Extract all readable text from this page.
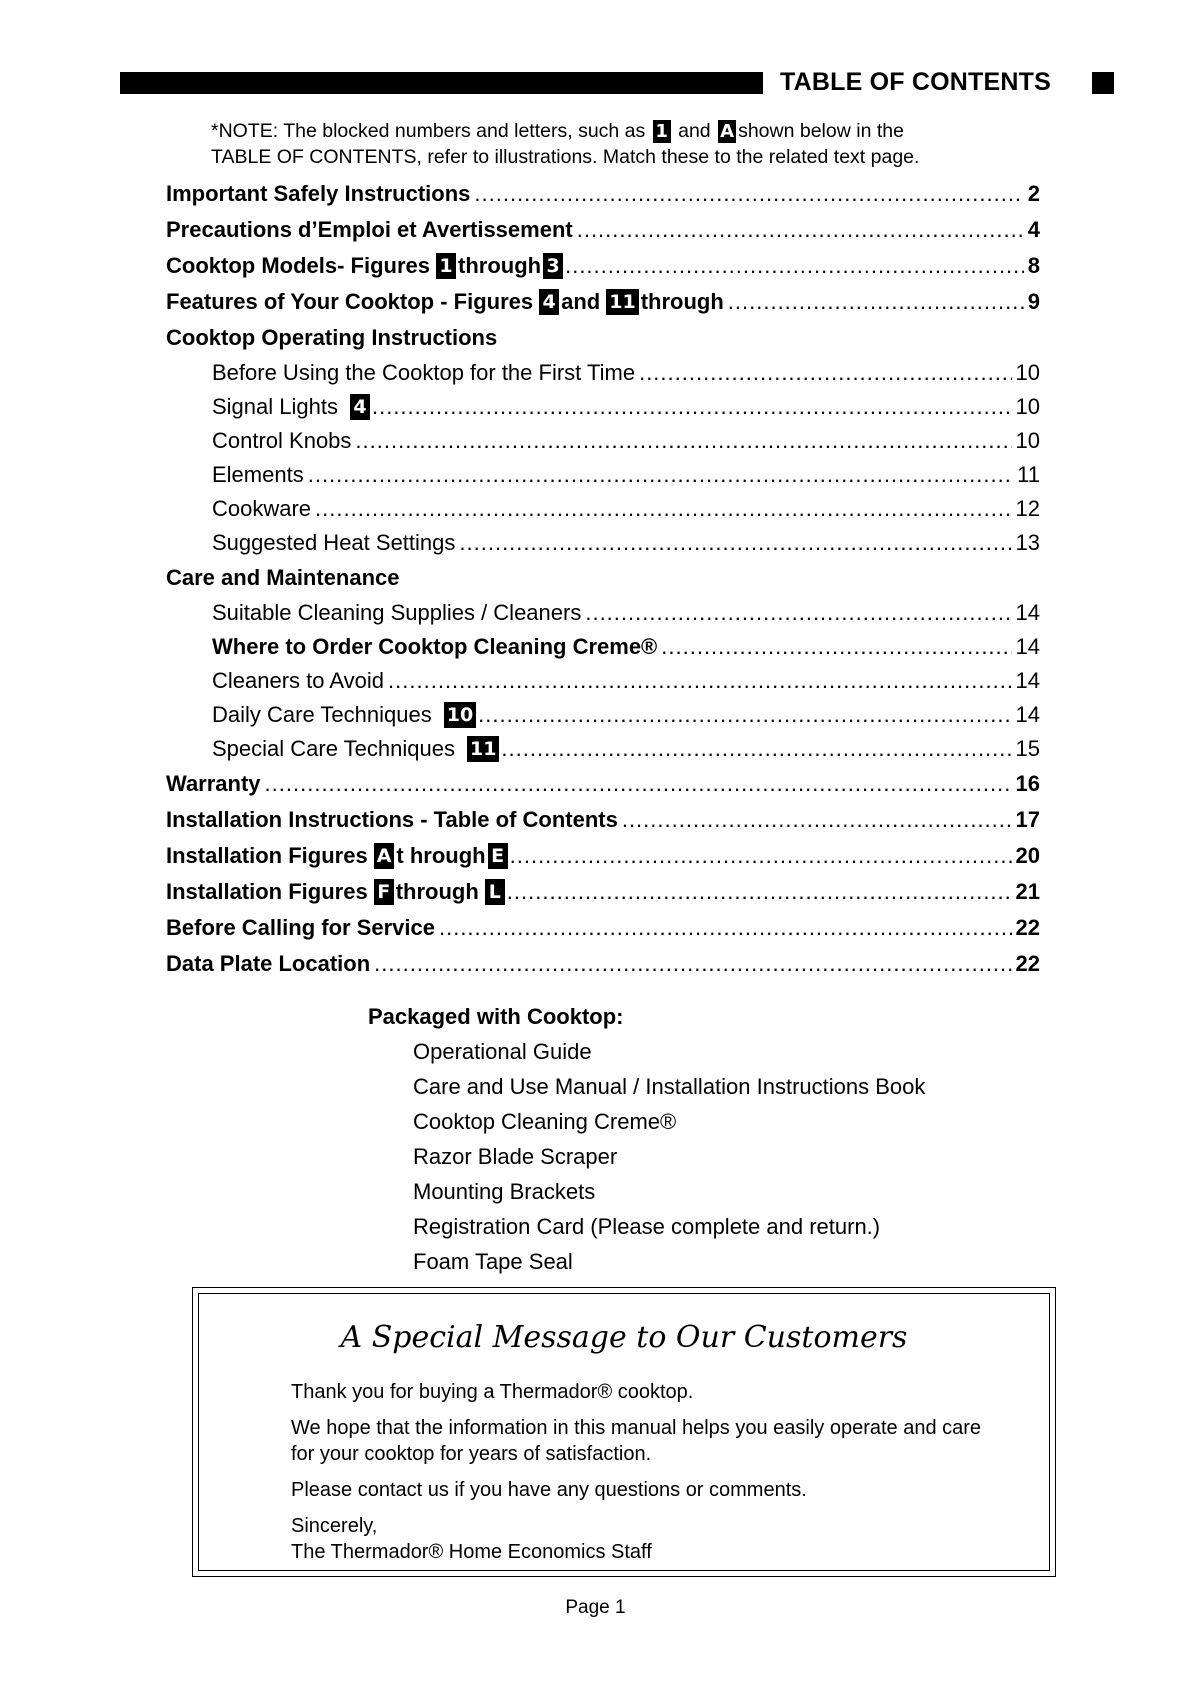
TABLE OF CONTENTS
*NOTE: The blocked numbers and letters, such as 1 and A shown below in the
TABLE OF CONTENTS, refer to illustrations. Match these to the related text page.
Important Safely Instructions .....	2
Precautions d’Emploi et Avertissement .....	4
Cooktop Models- Figures 1 through 3 .....	8
Features of Your Cooktop - Figures 4 and 11 through .....	9
Cooktop Operating Instructions
Before Using the Cooktop for the First Time .....	10
Signal Lights 4 .....	10
Control Knobs .....	10
Elements .....	11
Cookware .....	12
Suggested Heat Settings .....	13
Care and Maintenance
Suitable Cleaning Supplies / Cleaners .....	14
Where to Order Cooktop Cleaning Creme® .....	14
Cleaners to Avoid .....	14
Daily Care Techniques 10 .....	14
Special Care Techniques 11 .....	15
Warranty .....	16
Installation Instructions - Table of Contents .....	17
Installation Figures A t hrough E .....	20
Installation Figures F through L .....	21
Before Calling for Service .....	22
Data Plate Location .....	22
Packaged with Cooktop:
Operational Guide
Care and Use Manual / Installation Instructions Book
Cooktop Cleaning Creme®
Razor Blade Scraper
Mounting Brackets
Registration Card (Please complete and return.)
Foam Tape Seal
A Special Message to Our Customers

Thank you for buying a Thermador® cooktop.

We hope that the information in this manual helps you easily operate and care for your cooktop for years of satisfaction.

Please contact us if you have any questions or comments.

Sincerely,
The Thermador® Home Economics Staff

Page 1
